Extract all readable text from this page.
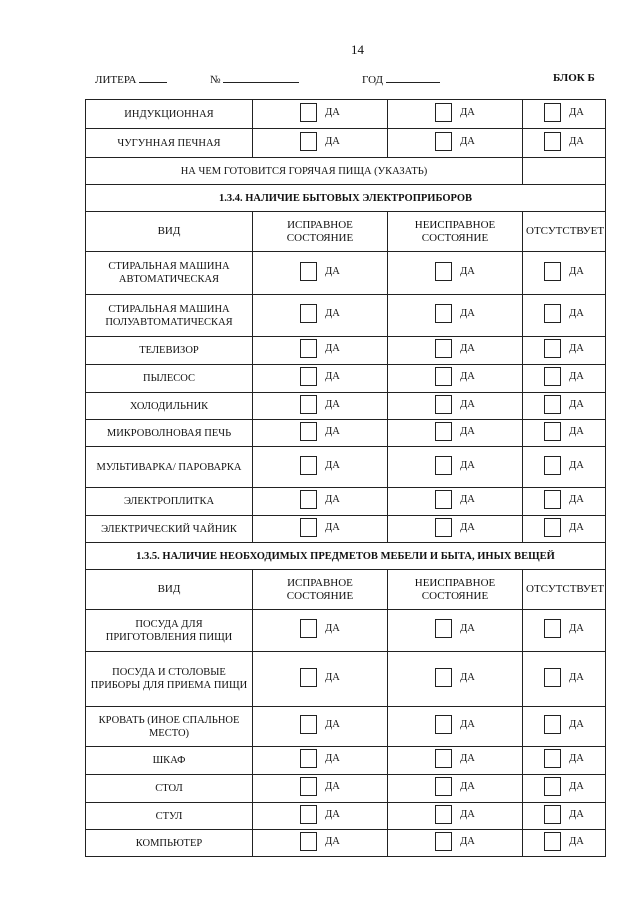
14
ЛИТЕРА	№	ГОД	БЛОК Б
ИНДУКЦИОННАЯ	ДА	ДА	ДА

ЧУГУННАЯ ПЕЧНАЯ	ДА	ДА	ДА

НА ЧЕМ ГОТОВИТСЯ ГОРЯЧАЯ ПИЩА (УКАЗАТЬ)			
1.3.4. НАЛИЧИЕ БЫТОВЫХ ЭЛЕКТРОПРИБОРОВ			
ВИД	ИСПРАВНОЕ СОСТОЯНИЕ	НЕИСПРАВНОЕ СОСТОЯНИЕ	ОТСУТСТВУЕТ
СТИРАЛЬНАЯ МАШИНА АВТОМАТИЧЕСКАЯ	ДА	ДА	ДА

СТИРАЛЬНАЯ МАШИНА ПОЛУАВТОМАТИЧЕСКАЯ	ДА	ДА	ДА

ТЕЛЕВИЗОР	ДА	ДА	ДА

ПЫЛЕСОС	ДА	ДА	ДА

ХОЛОДИЛЬНИК	ДА	ДА	ДА

МИКРОВОЛНОВАЯ ПЕЧЬ	ДА	ДА	ДА

МУЛЬТИВАРКА/ ПАРОВАРКА	ДА	ДА	ДА

ЭЛЕКТРОПЛИТКА	ДА	ДА	ДА

ЭЛЕКТРИЧЕСКИЙ ЧАЙНИК	ДА	ДА	ДА

1.3.5. НАЛИЧИЕ НЕОБХОДИМЫХ ПРЕДМЕТОВ МЕБЕЛИ И БЫТА, ИНЫХ ВЕЩЕЙ			
ВИД	ИСПРАВНОЕ СОСТОЯНИЕ	НЕИСПРАВНОЕ СОСТОЯНИЕ	ОТСУТСТВУЕТ
ПОСУДА ДЛЯ ПРИГОТОВЛЕНИЯ ПИЩИ	ДА	ДА	ДА

ПОСУДА И СТОЛОВЫЕ ПРИБОРЫ ДЛЯ ПРИЕМА ПИЩИ	ДА	ДА	ДА

КРОВАТЬ (ИНОЕ СПАЛЬНОЕ МЕСТО)	ДА	ДА	ДА

ШКАФ	ДА	ДА	ДА

СТОЛ	ДА	ДА	ДА

СТУЛ	ДА	ДА	ДА

КОМПЬЮТЕР	ДА	ДА	ДА
